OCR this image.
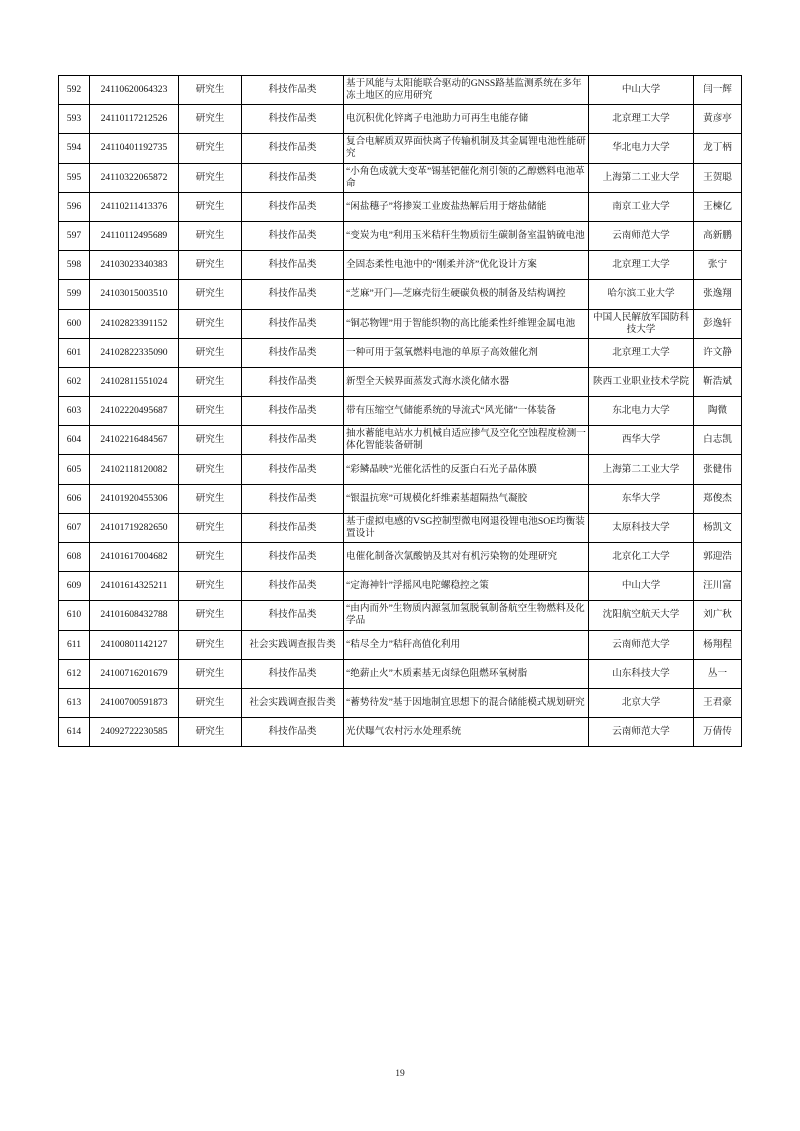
592	24110620064323	研究生	科技作品类	基于风能与太阳能联合驱动的GNSS路基监测系统在多年冻土地区的应用研究	中山大学	闫一辉
593	24110117212526	研究生	科技作品类	电沉积优化锌离子电池助力可再生电能存储	北京理工大学	黄彦亭
594	24110401192735	研究生	科技作品类	复合电解质双界面快离子传输机制及其金属锂电池性能研究	华北电力大学	龙丁柄
595	24110322065872	研究生	科技作品类	“小角色成就大变革”锡基钯催化剂引领的乙醇燃料电池革命	上海第二工业大学	王贺聪
596	24110211413376	研究生	科技作品类	“闲盐穗子”将掺炭工业废盐热解后用于熔盐储能	南京工业大学	王楝亿
597	24110112495689	研究生	科技作品类	“变炭为电”利用玉米秸秆生物质衍生碳制备室温钠硫电池	云南师范大学	高新鹏
598	24103023340383	研究生	科技作品类	全固态柔性电池中的“刚柔并济”优化设计方案	北京理工大学	张宁
599	24103015003510	研究生	科技作品类	“芝麻”开门—芝麻壳衍生硬碳负极的制备及结构调控	哈尔滨工业大学	张逸翔
600	24102823391152	研究生	科技作品类	“铜芯物锂”用于智能织物的高比能柔性纤维锂金属电池	中国人民解放军国防科技大学	彭逸轩
601	24102822335090	研究生	科技作品类	一种可用于氢氧燃料电池的单原子高效催化剂	北京理工大学	许文静
602	24102811551024	研究生	科技作品类	新型全天候界面蒸发式海水淡化储水器	陕西工业职业技术学院	靳浩斌
603	24102220495687	研究生	科技作品类	带有压缩空气储能系统的导流式“风光储”一体装备	东北电力大学	陶微
604	24102216484567	研究生	科技作品类	抽水蓄能电站水力机械自适应掺气及空化空蚀程度检测一体化智能装备研制	西华大学	白志凯
605	24102118120082	研究生	科技作品类	“彩鳞晶映”光催化活性的反蛋白石光子晶体膜	上海第二工业大学	张健伟
606	24101920455306	研究生	科技作品类	“银温抗寒”可规模化纤维素基超隔热气凝胶	东华大学	郑俊杰
607	24101719282650	研究生	科技作品类	基于虚拟电感的VSG控制型微电网退役锂电池SOE均衡装置设计	太原科技大学	杨凯文
608	24101617004682	研究生	科技作品类	电催化制备次氯酸钠及其对有机污染物的处理研究	北京化工大学	郭迎浩
609	24101614325211	研究生	科技作品类	“定海神针”浮摇风电陀螺稳控之策	中山大学	汪川富
610	24101608432788	研究生	科技作品类	“由内而外”生物质内源氢加氢脱氧制备航空生物燃料及化学品	沈阳航空航天大学	刘广秋
611	24100801142127	研究生	社会实践调查报告类	“秸尽全力”秸秆高值化利用	云南师范大学	杨翔程
612	24100716201679	研究生	科技作品类	“绝薪止火”木质素基无卤绿色阻燃环氧树脂	山东科技大学	丛一
613	24100700591873	研究生	社会实践调查报告类	“蓄势待发”基于因地制宜思想下的混合储能模式规划研究	北京大学	王君豪
614	24092722230585	研究生	科技作品类	光伏曝气农村污水处理系统	云南师范大学	万倩传
19
